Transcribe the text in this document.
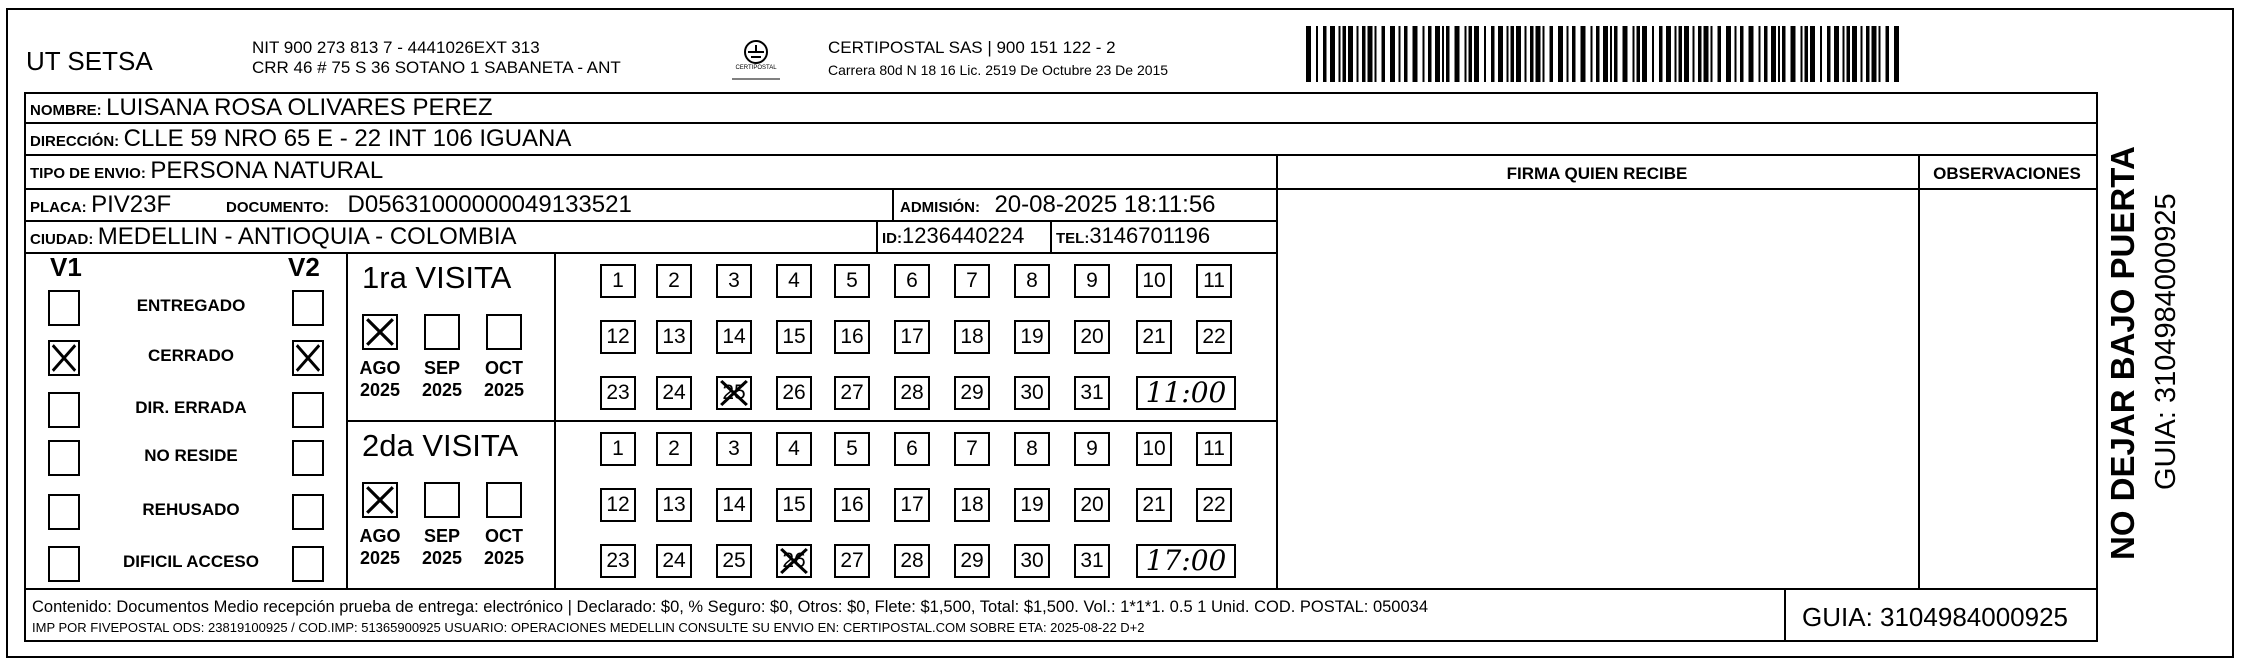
UT SETSA	NIT 900 273 813 7 - 4441026EXT 313
CRR 46 # 75 S 36 SOTANO 1 SABANETA - ANT	CERTIPOSTAL
CERTIPOSTAL SAS | 900 151 122 - 2
Carrera 80d N 18 16 Lic. 2519 De Octubre 23 De 2015
NOMBRE: LUISANA ROSA OLIVARES PEREZ
DIRECCIÓN: CLLE 59 NRO 65 E - 22 INT 106 IGUANA
TIPO DE ENVIO: PERSONA NATURAL	FIRMA QUIEN RECIBE	OBSERVACIONES
PLACA: PIV23F	DOCUMENTO: D05631000000049133521	ADMISIÓN: 20-08-2025 18:11:56
CIUDAD: MEDELLIN - ANTIOQUIA - COLOMBIA	ID:1236440224 TEL:3146701196
V1	V2
Contenido: Documentos Medio recepción prueba de entrega: electrónico | Declarado: $0, % Seguro: $0, Otros: $0, Flete: $1,500, Total: $1,500. Vol.: 1*1*1. 0.5 1 Unid. COD. POSTAL: 050034
IMP POR FIVEPOSTAL ODS: 23819100925 / COD.IMP: 51365900925 USUARIO: OPERACIONES MEDELLIN CONSULTE SU ENVIO EN: CERTIPOSTAL.COM SOBRE ETA: 2025-08-22 D+2	GUIA: 3104984000925
NO DEJAR BAJO PUERTA GUIA: 3104984000925
ENTREGADO
CERRADO
DIR. ERRADA
NO RESIDE
REHUSADO
DIFICIL ACCESO
1ra VISITA
AGO
2025
SEP
2025
OCT
2025
1	2	3	4	5	6	7	8	9	10	11
12	13	14	15	16	17	18	19	20	21	22
23	24	25	26	27	28	29	30	31	11:00
2da VISITA
AGO
2025
SEP
2025
OCT
2025
1	2	3	4	5	6	7	8	9	10	11
12	13	14	15	16	17	18	19	20	21	22
23	24	25	26	27	28	29	30	31	17:00
